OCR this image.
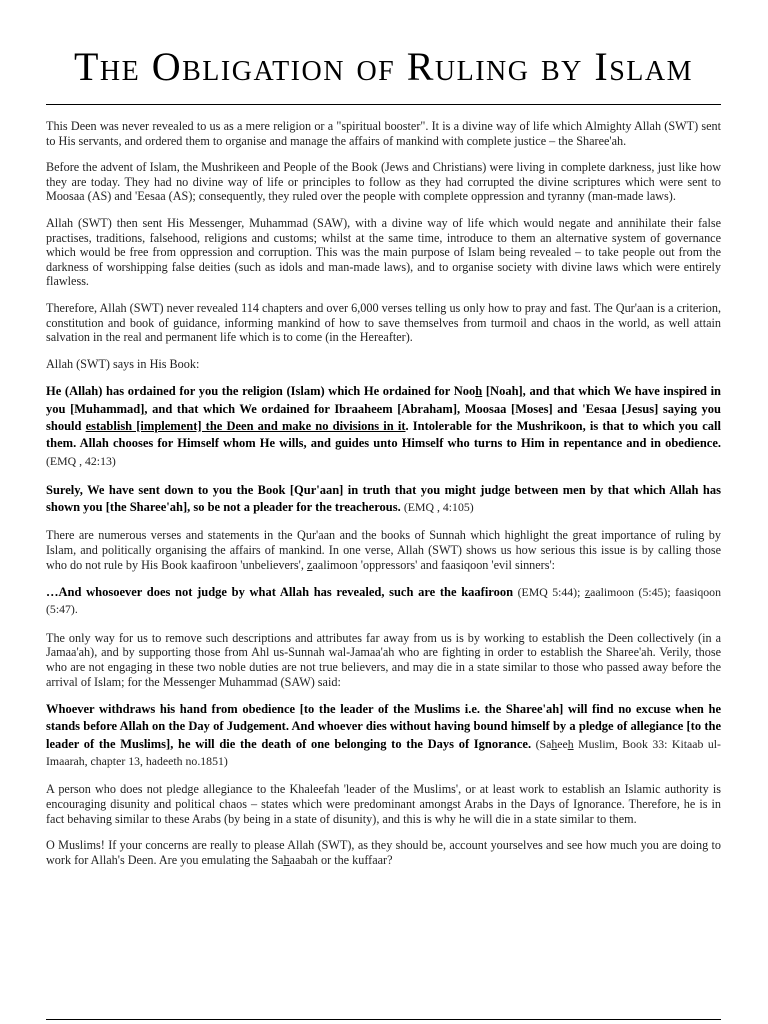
The Obligation of Ruling by Islam

This Deen was never revealed to us as a mere religion or a "spiritual booster". It is a divine way of life which Almighty Allah (SWT) sent to His servants, and ordered them to organise and manage the affairs of mankind with complete justice – the Sharee'ah.

Before the advent of Islam, the Mushrikeen and People of the Book (Jews and Christians) were living in complete darkness, just like how they are today. They had no divine way of life or principles to follow as they had corrupted the divine scriptures which were sent to Moosaa (AS) and 'Eesaa (AS); consequently, they ruled over the people with complete oppression and tyranny (man-made laws).

Allah (SWT) then sent His Messenger, Muhammad (SAW), with a divine way of life which would negate and annihilate their false practises, traditions, falsehood, religions and customs; whilst at the same time, introduce to them an alternative system of governance which would be free from oppression and corruption. This was the main purpose of Islam being revealed – to take people out from the darkness of worshipping false deities (such as idols and man-made laws), and to organise society with divine laws which were entirely flawless.

Therefore, Allah (SWT) never revealed 114 chapters and over 6,000 verses telling us only how to pray and fast. The Qur'aan is a criterion, constitution and book of guidance, informing mankind of how to save themselves from turmoil and chaos in the world, as well attain salvation in the real and permanent life which is to come (in the Hereafter).

Allah (SWT) says in His Book:

He (Allah) has ordained for you the religion (Islam) which He ordained for Nooh [Noah], and that which We have inspired in you [Muhammad], and that which We ordained for Ibraaheem [Abraham], Moosaa [Moses] and 'Eesaa [Jesus] saying you should establish [implement] the Deen and make no divisions in it. Intolerable for the Mushrikoon, is that to which you call them. Allah chooses for Himself whom He wills, and guides unto Himself who turns to Him in repentance and in obedience. (EMQ , 42:13)

Surely, We have sent down to you the Book [Qur'aan] in truth that you might judge between men by that which Allah has shown you [the Sharee'ah], so be not a pleader for the treacherous. (EMQ , 4:105)

There are numerous verses and statements in the Qur'aan and the books of Sunnah which highlight the great importance of ruling by Islam, and politically organising the affairs of mankind. In one verse, Allah (SWT) shows us how serious this issue is by calling those who do not rule by His Book kaafiroon 'unbelievers', zaalimoon 'oppressors' and faasiqoon 'evil sinners':

…And whosoever does not judge by what Allah has revealed, such are the kaafiroon (EMQ 5:44); zaalimoon (5:45); faasiqoon (5:47).

The only way for us to remove such descriptions and attributes far away from us is by working to establish the Deen collectively (in a Jamaa'ah), and by supporting those from Ahl us-Sunnah wal-Jamaa'ah who are fighting in order to establish the Sharee'ah. Verily, those who are not engaging in these two noble duties are not true believers, and may die in a state similar to those who passed away before the arrival of Islam; for the Messenger Muhammad (SAW) said:

Whoever withdraws his hand from obedience [to the leader of the Muslims i.e. the Sharee'ah] will find no excuse when he stands before Allah on the Day of Judgement. And whoever dies without having bound himself by a pledge of allegiance [to the leader of the Muslims], he will die the death of one belonging to the Days of Ignorance. (Saheeh Muslim, Book 33: Kitaab ul-Imaarah, chapter 13, hadeeth no.1851)

A person who does not pledge allegiance to the Khaleefah 'leader of the Muslims', or at least work to establish an Islamic authority is encouraging disunity and political chaos – states which were predominant amongst Arabs in the Days of Ignorance. Therefore, he is in fact behaving similar to these Arabs (by being in a state of disunity), and this is why he will die in a state similar to them.

O Muslims! If your concerns are really to please Allah (SWT), as they should be, account yourselves and see how much you are doing to work for Allah's Deen. Are you emulating the Sahaabah or the kuffaar?
